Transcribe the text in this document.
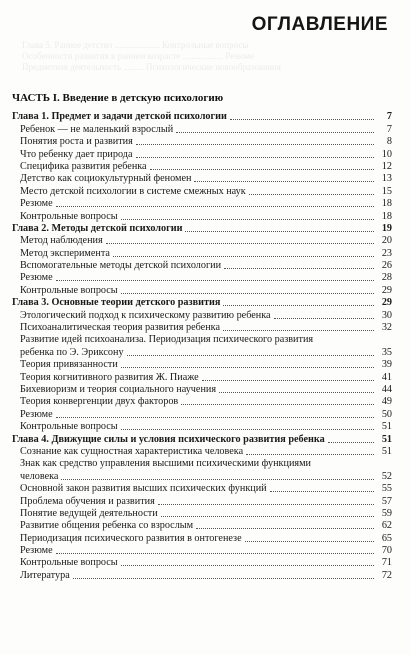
ОГЛАВЛЕНИЕ
Глава 5. Раннее детство .................... Контрольные вопросы
Особенности развития в раннем возрасте .................. Резюме
Предметная деятельность ......... Психологические новообразования
ЧАСТЬ I. Введение в детскую психологию
Глава 1. Предмет и задачи детской психологии	7
Ребенок — не маленький взрослый	7
Понятия роста и развития	8
Что ребенку дает природа	10
Специфика развития ребенка	12
Детство как социокультурный феномен	13
Место детской психологии в системе смежных наук	15
Резюме	18
Контрольные вопросы	18
Глава 2. Методы детской психологии	19
Метод наблюдения	20
Метод эксперимента	23
Вспомогательные методы детской психологии	26
Резюме	28
Контрольные вопросы	29
Глава 3. Основные теории детского развития	29
Этологический подход к психическому развитию ребенка	30
Психоаналитическая теория развития ребенка	32
Развитие идей психоанализа. Периодизация психического развития
ребенка по Э. Эриксону	35
Теория привязанности	39
Теория когнитивного развития Ж. Пиаже	41
Бихевиоризм и теория социального научения	44
Теория конвергенции двух факторов	49
Резюме	50
Контрольные вопросы	51
Глава 4. Движущие силы и условия психического развития ребенка	51
Сознание как сущностная характеристика человека	51
Знак как средство управления высшими психическими функциями
человека	52
Основной закон развития высших психических функций	55
Проблема обучения и развития	57
Понятие ведущей деятельности	59
Развитие общения ребенка со взрослым	62
Периодизация психического развития в онтогенезе	65
Резюме	70
Контрольные вопросы	71
Литература	72
